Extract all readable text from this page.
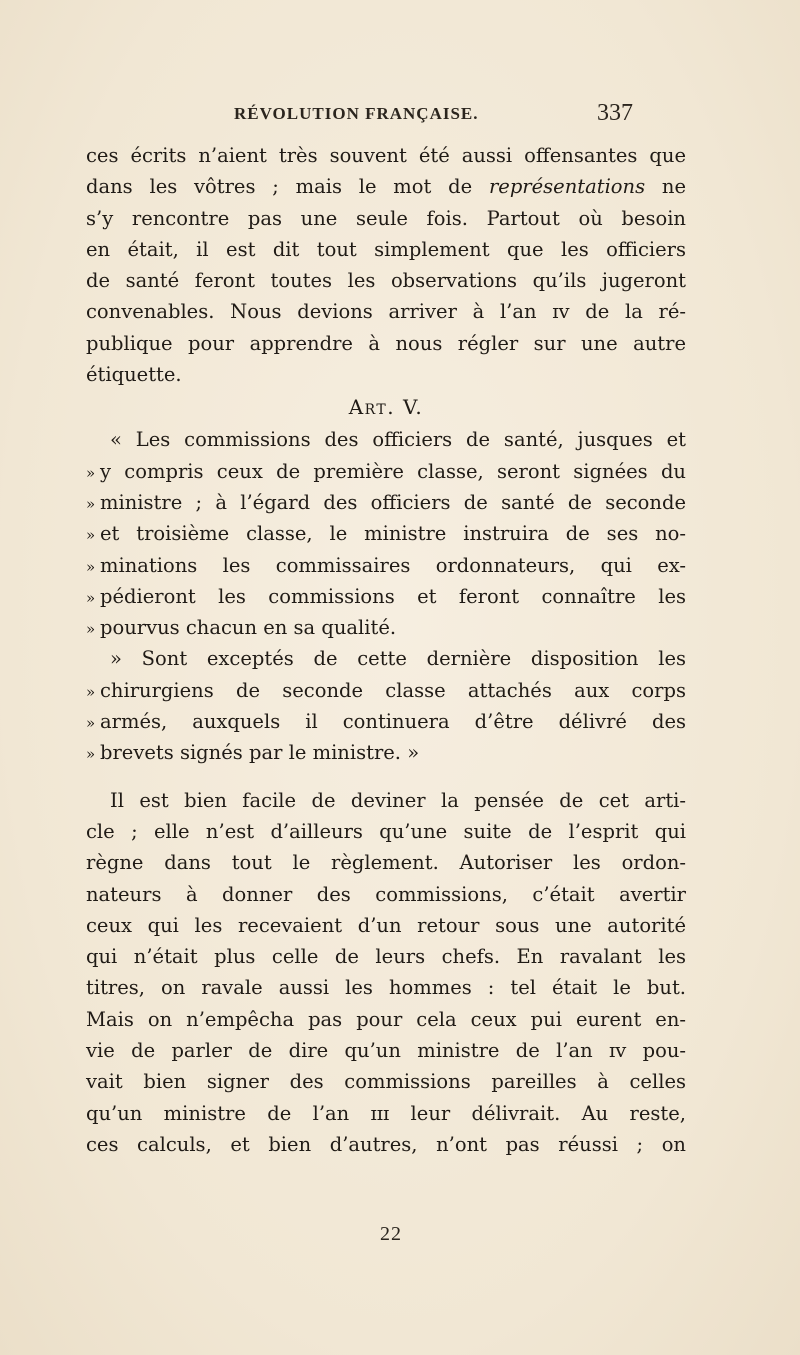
RÉVOLUTION FRANÇAISE.	337
ces écrits n’aient très souvent été aussi offensantes que
dans les vôtres ; mais le mot de représentations ne
s’y rencontre pas une seule fois. Partout où besoin
en était, il est dit tout simplement que les officiers
de santé feront toutes les observations qu’ils jugeront
convenables. Nous devions arriver à l’an ɪv de la ré-
publique pour apprendre à nous régler sur une autre
étiquette.
Art. V.
« Les commissions des officiers de santé, jusques et
» y compris ceux de première classe, seront signées du
» ministre ; à l’égard des officiers de santé de seconde
» et troisième classe, le ministre instruira de ses no-
» minations les commissaires ordonnateurs, qui ex-
» pédieront les commissions et feront connaître les
» pourvus chacun en sa qualité.
» Sont exceptés de cette dernière disposition les
» chirurgiens de seconde classe attachés aux corps
» armés, auxquels il continuera d’être délivré des
» brevets signés par le ministre. »
Il est bien facile de deviner la pensée de cet arti-
cle ; elle n’est d’ailleurs qu’une suite de l’esprit qui
règne dans tout le règlement. Autoriser les ordon-
nateurs à donner des commissions, c’était avertir
ceux qui les recevaient d’un retour sous une autorité
qui n’était plus celle de leurs chefs. En ravalant les
titres, on ravale aussi les hommes : tel était le but.
Mais on n’empêcha pas pour cela ceux pui eurent en-
vie de parler de dire qu’un ministre de l’an ɪv pou-
vait bien signer des commissions pareilles à celles
qu’un ministre de l’an ɪɪɪ leur délivrait. Au reste,
ces calculs, et bien d’autres, n’ont pas réussi ; on
22
